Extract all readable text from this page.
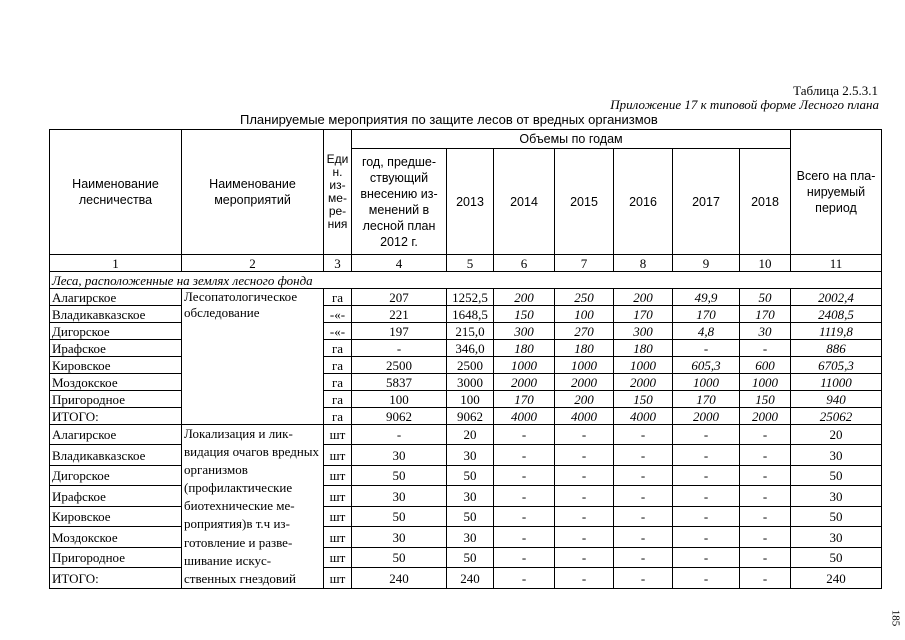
Таблица 2.5.3.1
Приложение 17 к типовой форме Лесного плана
Планируемые мероприятия по защите лесов от вредных организмов
Наименование лесничества	Наименование мероприятий	Еди н. из- ме- ре- ния	Объемы по годам							Всего на пла- нируемый период
			год, предше- ствующий внесению из- менений в лесной план 2012 г.	2013	2014	2015	2016	2017	2018	
1	2	3	4	5	6	7	8	9	10	11
Леса, расположенные на землях лесного фонда										
Алагирское	Лесопатологическое обследование	га	207	1252,5	200	250	200	49,9	50	2002,4
Владикавказское		-«-	221	1648,5	150	100	170	170	170	2408,5
Дигорское		-«-	197	215,0	300	270	300	4,8	30	1119,8
Ирафское		га	-	346,0	180	180	180	-	-	886
Кировское		га	2500	2500	1000	1000	1000	605,3	600	6705,3
Моздокское		га	5837	3000	2000	2000	2000	1000	1000	11000
Пригородное		га	100	100	170	200	150	170	150	940
ИТОГО:		га	9062	9062	4000	4000	4000	2000	2000	25062
Алагирское	Локализация и лик- видация очагов вредных организмов (профилактические биотехнические ме- роприятия)в т.ч из- готовление и разве- шивание искус- ственных гнездовий	шт	-	20	-	-	-	-	-	20
Владикавказское		шт	30	30	-	-	-	-	-	30
Дигорское		шт	50	50	-	-	-	-	-	50
Ирафское		шт	30	30	-	-	-	-	-	30
Кировское		шт	50	50	-	-	-	-	-	50
Моздокское		шт	30	30	-	-	-	-	-	30
Пригородное		шт	50	50	-	-	-	-	-	50
ИТОГО:		шт	240	240	-	-	-	-	-	240
185
